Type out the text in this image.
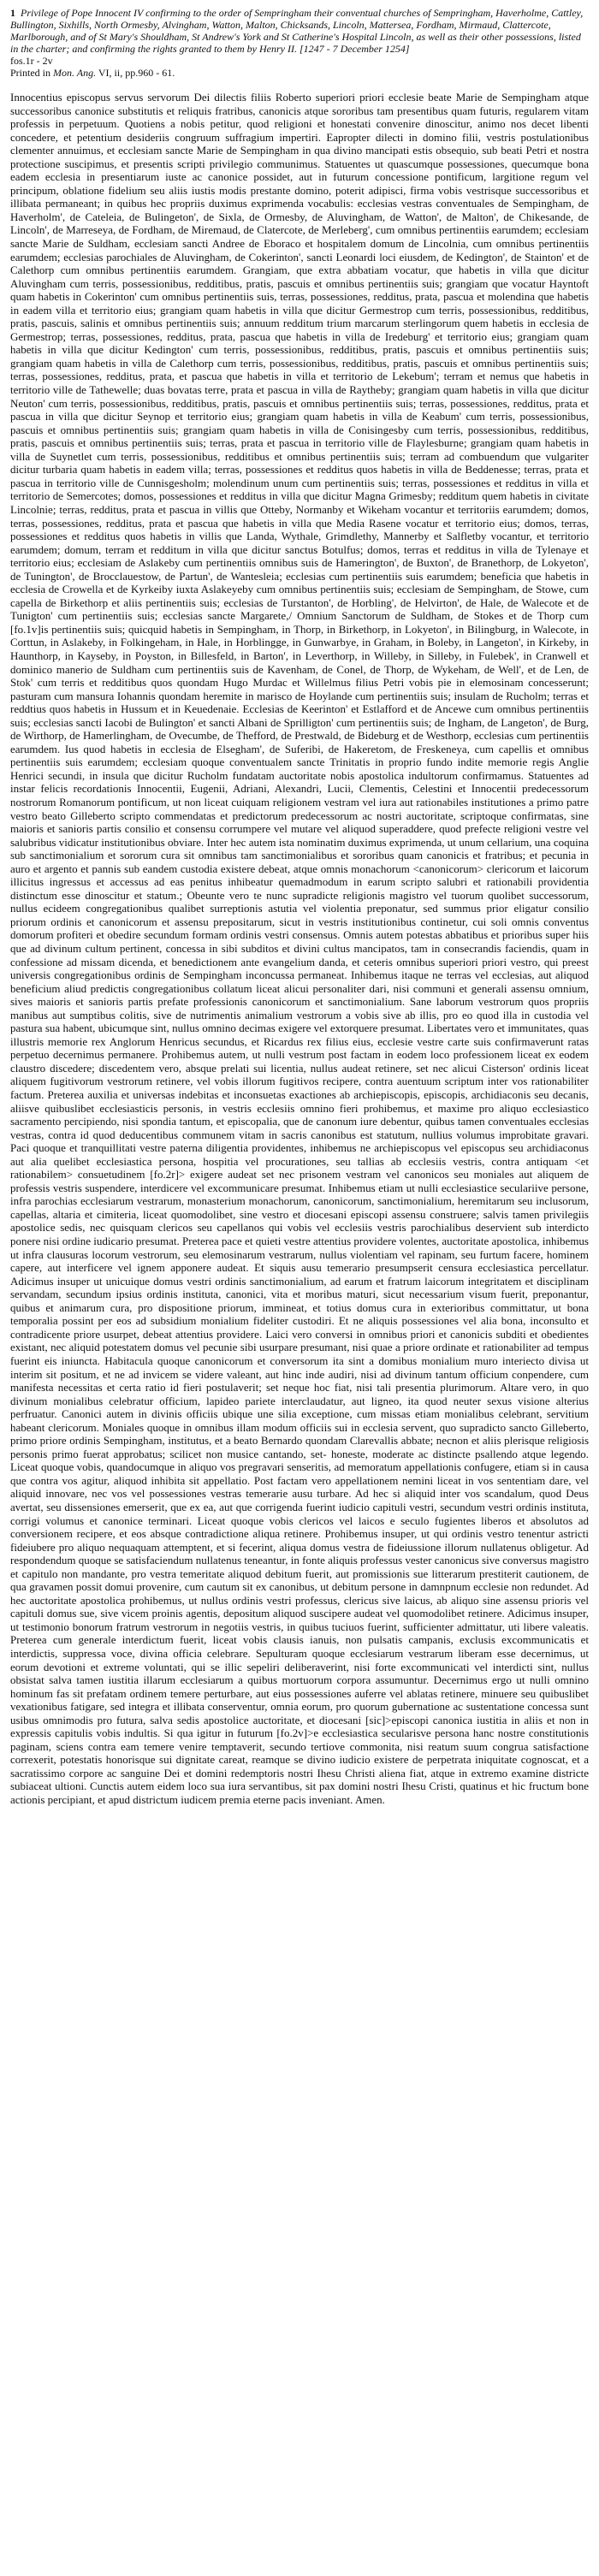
1 Privilege of Pope Innocent IV confirming to the order of Sempringham their conventual churches of Sempringham, Haverholme, Cattley, Bullington, Sixhills, North Ormesby, Alvingham, Watton, Malton, Chicksands, Lincoln, Mattersea, Fordham, Mirmaud, Clattercote, Marlborough, and of St Mary's Shouldham, St Andrew's York and St Catherine's Hospital Lincoln, as well as their other possessions, listed in the charter; and confirming the rights granted to them by Henry II. [1247 - 7 December 1254]
fos.1r - 2v
Printed in Mon. Ang. VI, ii, pp.960 - 61.
Innocentius episcopus servus servorum Dei dilectis filiis Roberto superiori priori ecclesie beate Marie de Sempingham atque successoribus canonice substitutis et reliquis fratribus, canonicis atque sororibus tam presentibus quam futuris, regularem vitam professis in perpetuum. Quotiens a nobis petitur, quod religioni et honestati convenire dinoscitur, animo nos decet libenti concedere, et petentium desideriis congruum suffragium impertiri. Eapropter dilecti in domino filii, vestris postulationibus clementer annuimus, et ecclesiam sancte Marie de Sempingham in qua divino mancipati estis obsequio, sub beati Petri et nostra protectione suscipimus, et presentis scripti privilegio communimus. Statuentes ut quascumque possessiones, quecumque bona eadem ecclesia in presentiarum iuste ac canonice possidet, aut in futurum concessione pontificum, largitione regum vel principum, oblatione fidelium seu aliis iustis modis prestante domino, poterit adipisci, firma vobis vestrisque successoribus et illibata permaneant; in quibus hec propriis duximus exprimenda vocabulis: ecclesias vestras conventuales de Sempingham, de Haverholm', de Cateleia, de Bulingeton', de Sixla, de Ormesby, de Aluvingham, de Watton', de Malton', de Chikesande, de Lincoln', de Marreseya, de Fordham, de Miremaud, de Clatercote, de Merleberg', cum omnibus pertinentiis earumdem; ecclesiam sancte Marie de Suldham, ecclesiam sancti Andree de Eboraco et hospitalem domum de Lincolnia, cum omnibus pertinentiis earumdem; ecclesias parochiales de Aluvingham, de Cokerinton', sancti Leonardi loci eiusdem, de Kedington', de Stainton' et de Calethorp cum omnibus pertinentiis earumdem. Grangiam, que extra abbatiam vocatur, que habetis in villa que dicitur Aluvingham cum terris, possessionibus, redditibus, pratis, pascuis et omnibus pertinentiis suis; grangiam que vocatur Hayntoft quam habetis in Cokerinton' cum omnibus pertinentiis suis, terras, possessiones, redditus, prata, pascua et molendina que habetis in eadem villa et territorio eius; grangiam quam habetis in villa que dicitur Germestrop cum terris, possessionibus, redditibus, pratis, pascuis, salinis et omnibus pertinentiis suis; annuum redditum trium marcarum sterlingorum quem habetis in ecclesia de Germestrop; terras, possessiones, redditus, prata, pascua que habetis in villa de Iredeburg' et territorio eius; grangiam quam habetis in villa que dicitur Kedington' cum terris, possessionibus, redditibus, pratis, pascuis et omnibus pertinentiis suis; grangiam quam habetis in villa de Calethorp cum terris, possessionibus, redditibus, pratis, pascuis et omnibus pertinentiis suis; terras, possessiones, redditus, prata, et pascua que habetis in villa et territorio de Lekebum'; terram et nemus que habetis in territorio ville de Tathewelle; duas bovatas terre, prata et pascua in villa de Raytheby; grangiam quam habetis in villa que dicitur Neuton' cum terris, possessionibus, redditibus, pratis, pascuis et omnibus pertinentiis suis; terras, possessiones, redditus, prata et pascua in villa que dicitur Seynop et territorio eius; grangiam quam habetis in villa de Keabum' cum terris, possessionibus, pascuis et omnibus pertinentiis suis; grangiam quam habetis in villa de Conisingesby cum terris, possessionibus, redditibus, pratis, pascuis et omnibus pertinentiis suis; terras, prata et pascua in territorio ville de Flaylesburne; grangiam quam habetis in villa de Suynetlet cum terris, possessionibus, redditibus et omnibus pertinentiis suis; terram ad combuendum que vulgariter dicitur turbaria quam habetis in eadem villa; terras, possessiones et redditus quos habetis in villa de Beddenesse; terras, prata et pascua in territorio ville de Cunnisgesholm; molendinum unum cum pertinentiis suis; terras, possessiones et redditus in villa et territorio de Semercotes; domos, possessiones et redditus in villa que dicitur Magna Grimesby; redditum quem habetis in civitate Lincolnie; terras, redditus, prata et pascua in villis que Otteby, Normanby et Wikeham vocantur et territoriis earumdem; domos, terras, possessiones, redditus, prata et pascua que habetis in villa que Media Rasene vocatur et territorio eius; domos, terras, possessiones et redditus quos habetis in villis que Landa, Wythale, Grimdlethy, Mannerby et Salfletby vocantur, et territorio earumdem; domum, terram et redditum in villa que dicitur sanctus Botulfus; domos, terras et redditus in villa de Tylenaye et territorio eius; ecclesiam de Aslakeby cum pertinentiis omnibus suis de Hamerington', de Buxton', de Branethorp, de Lokyeton', de Tunington', de Brocclauestow, de Partun', de Wantesleia; ecclesias cum pertinentiis suis earumdem; beneficia que habetis in ecclesia de Crowella et de Kyrkeiby iuxta Aslakeyeby cum omnibus pertinentiis suis; ecclesiam de Sempingham, de Stowe, cum capella de Birkethorp et aliis pertinentiis suis; ecclesias de Turstanton', de Horbling', de Helvirton', de Hale, de Walecote et de Tunigton' cum pertinentiis suis; ecclesias sancte Margarete,/ Omnium Sanctorum de Suldham, de Stokes et de Thorp cum [fo.1v]is pertinentiis suis; quicquid habetis in Sempingham, in Thorp, in Birkethorp, in Lokyeton', in Bilingburg, in Walecote, in Corttun, in Aslakeby, in Folkingeham, in Hale, in Horblingge, in Gunwarbye, in Graham, in Boleby, in Langeton', in Kirkeby, in Haunthorp, in Kayseby, in Poyston, in Billesfeld, in Barton', in Leverthorp, in Willeby, in Silleby, in Fulebek', in Cranwell et dominico manerio de Suldham cum pertinentiis suis de Kavenham, de Conel, de Thorp, de Wykeham, de Well', et de Len, de Stok' cum terris et redditibus quos quondam Hugo Murdac et Willelmus filius Petri vobis pie in elemosinam concesserunt; pasturam cum mansura Iohannis quondam heremite in marisco de Hoylande cum pertinentiis suis; insulam de Rucholm; terras et reddtius quos habetis in Hussum et in Keuedenaie. Ecclesias de Keerinton' et Estlafford et de Ancewe cum omnibus pertinentiis suis; ecclesias sancti Iacobi de Bulington' et sancti Albani de Sprilligton' cum pertinentiis suis; de Ingham, de Langeton', de Burg, de Wirthorp, de Hamerlingham, de Ovecumbe, de Thefford, de Prestwald, de Bideburg et de Westhorp, ecclesias cum pertinentiis earumdem. Ius quod habetis in ecclesia de Elsegham', de Suferibi, de Hakeretom, de Freskeneya, cum capellis et omnibus pertinentiis suis earumdem; ecclesiam quoque conventualem sancte Trinitatis in proprio fundo indite memorie regis Anglie Henrici secundi, in insula que dicitur Rucholm fundatam auctoritate nobis apostolica indultorum confirmamus. Statuentes ad instar felicis recordationis Innocentii, Eugenii, Adriani, Alexandri, Lucii, Clementis, Celestini et Innocentii predecessorum nostrorum Romanorum pontificum, ut non liceat cuiquam religionem vestram vel iura aut rationabiles institutiones a primo patre vestro beato Gilleberto scripto commendatas et predictorum predecessorum ac nostri auctoritate, scriptoque confirmatas, sine maioris et sanioris partis consilio et consensu corrumpere vel mutare vel aliquod superaddere, quod prefecte religioni vestre vel salubribus vidicatur institutionibus obviare. Inter hec autem ista nominatim duximus exprimenda, ut unum cellarium, una coquina sub sanctimonialium et sororum cura sit omnibus tam sanctimonialibus et sororibus quam canonicis et fratribus; et pecunia in auro et argento et pannis sub eandem custodia existere debeat, atque omnis monachorum <canonicorum> clericorum et laicorum illicitus ingressus et accessus ad eas penitus inhibeatur quemadmodum in earum scripto salubri et rationabili providentia distinctum esse dinoscitur et statum.; Obeunte vero te nunc supradicte religionis magistro vel tuorum quolibet successorum, nullus ecideem congregationibus qualibet surreptionis astutia vel violentia preponatur, sed summus prior eligatur consilio priorum ordinis et canonicorum et assensu prepositarum, sicut in vestris institutionibus continetur, cui soli omnis conventus domorum profiteri et obedire secundum formam ordinis vestri consensus. Omnis autem potestas abbatibus et prioribus super hiis que ad divinum cultum pertinent, concessa in sibi subditos et divini cultus mancipatos, tam in consecrandis faciendis, quam in confessione ad missam dicenda, et benedictionem ante evangelium danda, et ceteris omnibus superiori priori vestro, qui preest universis congregationibus ordinis de Sempingham inconcussa permaneat. Inhibemus itaque ne terras vel ecclesias, aut aliquod beneficium aliud predictis congregationibus collatum liceat alicui personaliter dari, nisi communi et generali assensu omnium, sives maioris et sanioris partis prefate professionis canonicorum et sanctimonialium. Sane laborum vestrorum quos propriis manibus aut sumptibus colitis, sive de nutrimentis animalium vestrorum a vobis sive ab illis, pro eo quod illa in custodia vel pastura sua habent, ubicumque sint, nullus omnino decimas exigere vel extorquere presumat. Libertates vero et immunitates, quas illustris memorie rex Anglorum Henricus secundus, et Ricardus rex filius eius, ecclesie vestre carte suis confirmaverunt ratas perpetuo decernimus permanere. Prohibemus autem, ut nulli vestrum post factam in eodem loco professionem liceat ex eodem claustro discedere; discedentem vero, absque prelati sui licentia, nullus audeat retinere, set nec alicui Cisterson' ordinis liceat aliquem fugitivorum vestrorum retinere, vel vobis illorum fugitivos recipere, contra auentuum scriptum inter vos rationabiliter factum. Preterea auxilia et universas indebitas et inconsuetas exactiones ab archiepiscopis, episcopis, archidiaconis seu decanis, aliisve quibuslibet ecclesiasticis personis, in vestris ecclesiis omnino fieri prohibemus, et maxime pro aliquo ecclesiastico sacramento percipiendo, nisi spondia tantum, et episcopalia, que de canonum iure debentur, quibus tamen conventuales ecclesias vestras, contra id quod deducentibus communem vitam in sacris canonibus est statutum, nullius volumus improbitate gravari. Paci quoque et tranquillitati vestre paterna diligentia providentes, inhibemus ne archiepiscopus vel episcopus seu archidiaconus aut alia quelibet ecclesiastica persona, hospitia vel procurationes, seu tallias ab ecclesiis vestris, contra antiquam <et rationabilem> consuetudinem [fo.2r]> exigere audeat set nec prisonem vestram vel canonicos seu moniales aut aliquem de professis vestris suspendere, interdicere vel excommunicare presumat. Inhibemus etiam ut nulli ecclesiastice seculariive persone, infra parochias ecclesiarum vestrarum, monasterium monachorum, canonicorum, sanctimonialium, heremitarum seu inclusorum, capellas, altaria et cimiteria, liceat quomodolibet, sine vestro et diocesani episcopi assensu construere; salvis tamen privilegiis apostolice sedis, nec quisquam clericos seu capellanos qui vobis vel ecclesiis vestris parochialibus deservient sub interdicto ponere nisi ordine iudicario presumat. Preterea pace et quieti vestre attentius providere volentes, auctoritate apostolica, inhibemus ut infra clausuras locorum vestrorum, seu elemosinarum vestrarum, nullus violentiam vel rapinam, seu furtum facere, hominem capere, aut interficere vel ignem apponere audeat. Et siquis ausu temerario presumpserit censura ecclesiastica percellatur. Adicimus insuper ut unicuique domus vestri ordinis sanctimonialium, ad earum et fratrum laicorum integritatem et disciplinam servandam, secundum ipsius ordinis instituta, canonici, vita et moribus maturi, sicut necessarium visum fuerit, preponantur, quibus et animarum cura, pro dispositione priorum, immineat, et totius domus cura in exterioribus committatur, ut bona temporalia possint per eos ad subsidium monialium fideliter custodiri. Et ne aliquis possessiones vel alia bona, inconsulto et contradicente priore usurpet, debeat attentius providere. Laici vero conversi in omnibus priori et canonicis subditi et obedientes existant, nec aliquid potestatem domus vel pecunie sibi usurpare presumant, nisi quae a priore ordinate et rationabiliter ad tempus fuerint eis iniuncta. Habitacula quoque canonicorum et conversorum ita sint a domibus monialium muro interiecto divisa ut interim sit positum, et ne ad invicem se videre valeant, aut hinc inde audiri, nisi ad divinum tantum officium conpendere, cum manifesta necessitas et certa ratio id fieri postulaverit; set neque hoc fiat, nisi tali presentia plurimorum. Altare vero, in quo divinum monialibus celebratur officium, lapideo pariete interclaudatur, aut ligneo, ita quod neuter sexus visione alterius perfruatur. Canonici autem in divinis officiis ubique une silia exceptione, cum missas etiam monialibus celebrant, servitium habeant clericorum. Moniales quoque in omnibus illam modum officiis sui in ecclesia servent, quo supradicto sancto Gilleberto, primo priore ordinis Sempingham, institutus, et a beato Bernardo quondam Clarevallis abbate; necnon et aliis plerisque religiosis personis primo fuerat approbatus; scilicet non musice cantando, set- honeste, moderate ac distincte psallendo atque legendo. Liceat quoque vobis, quandocumque in aliquo vos pregravari senseritis, ad memoratum appellationis confugere, etiam si in causa que contra vos agitur, aliquod inhibita sit appellatio. Post factam vero appellationem nemini liceat in vos sententiam dare, vel aliquid innovare, nec vos vel possessiones vestras temerarie ausu turbare. Ad hec si aliquid inter vos scandalum, quod Deus avertat, seu dissensiones emerserit, que ex ea, aut que corrigenda fuerint iudicio capituli vestri, secundum vestri ordinis instituta, corrigi volumus et canonice terminari. Liceat quoque vobis clericos vel laicos e seculo fugientes liberos et absolutos ad conversionem recipere, et eos absque contradictione aliqua retinere. Prohibemus insuper, ut qui ordinis vestro tenentur astricti fideiubere pro aliquo nequaquam attemptent, et si fecerint, aliqua domus vestra de fideiussione illorum nullatenus obligetur. Ad respondendum quoque se satisfaciendum nullatenus teneantur, in fonte aliquis professus vester canonicus sive conversus magistro et capitulo non mandante, pro vestra temeritate aliquod debitum fuerit, aut promissionis sue litterarum prestiterit cautionem, de qua gravamen possit domui provenire, cum cautum sit ex canonibus, ut debitum persone in damnpnum ecclesie non redundet. Ad hec auctoritate apostolica prohibemus, ut nullus ordinis vestri professus, clericus sive laicus, ab aliquo sine assensu prioris vel capituli domus sue, sive vicem proinis agentis, depositum aliquod suscipere audeat vel quomodolibet retinere. Adicimus insuper, ut testimonio bonorum fratrum vestrorum in negotiis vestris, in quibus tuciuos fuerint, sufficienter admittatur, uti libere valeatis. Preterea cum generale interdictum fuerit, liceat vobis clausis ianuis, non pulsatis campanis, exclusis excommunicatis et interdictis, suppressa voce, divina officia celebrare. Sepulturam quoque ecclesiarum vestrarum liberam esse decernimus, ut eorum devotioni et extreme voluntati, qui se illic sepeliri deliberaverint, nisi forte excommunicati vel interdicti sint, nullus obsistat salva tamen iustitia illarum ecclesiarum a quibus mortuorum corpora assumuntur. Decernimus ergo ut nulli omnino hominum fas sit prefatam ordinem temere perturbare, aut eius possessiones auferre vel ablatas retinere, minuere seu quibuslibet vexationibus fatigare, sed integra et illibata conserventur, omnia eorum, pro quorum gubernatione ac sustentatione concessa sunt usibus omnimodis pro futura, salva sedis apostolice auctoritate, et diocesani [sic]>episcopi canonica iustitia in aliis et non in expressis capitulis vobis indultis. Si qua igitur in futurum [fo.2v]>e ecclesiastica secularisve persona hanc nostre constitutionis paginam, sciens contra eam temere venire temptaverit, secundo tertiove commonita, nisi reatum suum congrua satisfactione correxerit, potestatis honorisque sui dignitate careat, reamque se divino iudicio existere de perpetrata iniquitate cognoscat, et a sacratissimo corpore ac sanguine Dei et domini redemptoris nostri Ihesu Christi aliena fiat, atque in extremo examine districte subiaceat ultioni. Cunctis autem eidem loco sua iura servantibus, sit pax domini nostri Ihesu Cristi, quatinus et hic fructum bone actionis percipiant, et apud districtum iudicem premia eterne pacis inveniant. Amen.
